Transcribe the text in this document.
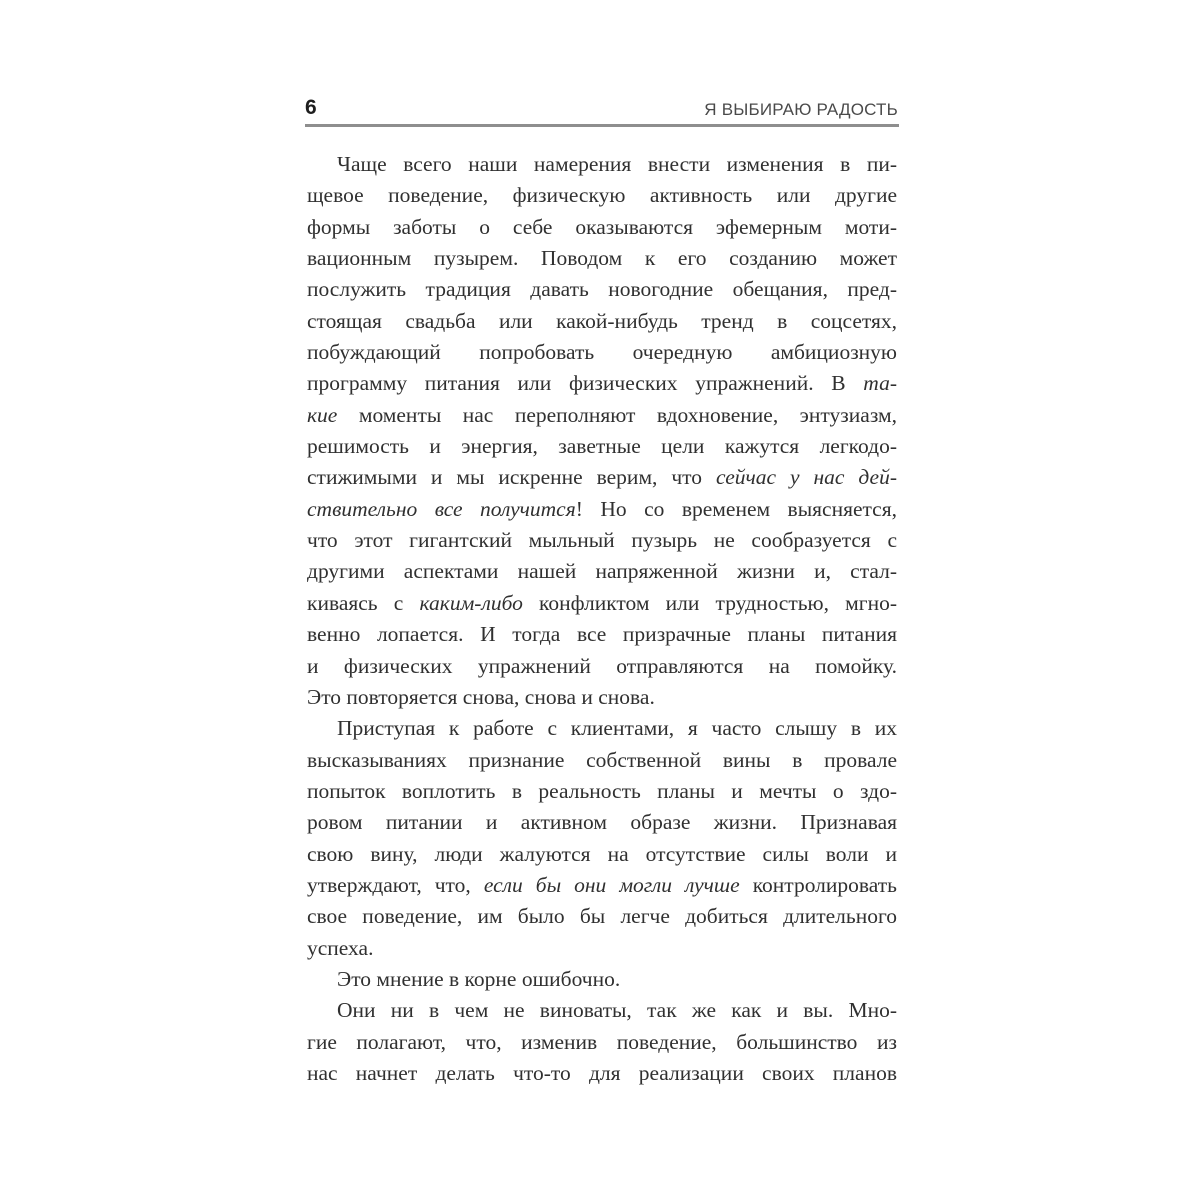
6	Я ВЫБИРАЮ РАДОСТЬ
Чаще всего наши намерения внести изменения в пи-
щевое поведение, физическую активность или другие
формы заботы о себе оказываются эфемерным моти-
вационным пузырем. Поводом к его созданию может
послужить традиция давать новогодние обещания, пред-
стоящая свадьба или какой-нибудь тренд в соцсетях,
побуждающий попробовать очередную амбициозную
программу питания или физических упражнений. В та-
кие моменты нас переполняют вдохновение, энтузиазм,
решимость и энергия, заветные цели кажутся легкодо-
стижимыми и мы искренне верим, что сейчас у нас дей-
ствительно все получится! Но со временем выясняется,
что этот гигантский мыльный пузырь не сообразуется с
другими аспектами нашей напряженной жизни и, стал-
киваясь с каким-либо конфликтом или трудностью, мгно-
венно лопается. И тогда все призрачные планы питания
и физических упражнений отправляются на помойку.
Это повторяется снова, снова и снова.
Приступая к работе с клиентами, я часто слышу в их
высказываниях признание собственной вины в провале
попыток воплотить в реальность планы и мечты о здо-
ровом питании и активном образе жизни. Признавая
свою вину, люди жалуются на отсутствие силы воли и
утверждают, что, если бы они могли лучше контролировать
свое поведение, им было бы легче добиться длительного
успеха.
Это мнение в корне ошибочно.
Они ни в чем не виноваты, так же как и вы. Мно-
гие полагают, что, изменив поведение, большинство из
нас начнет делать что-то для реализации своих планов
